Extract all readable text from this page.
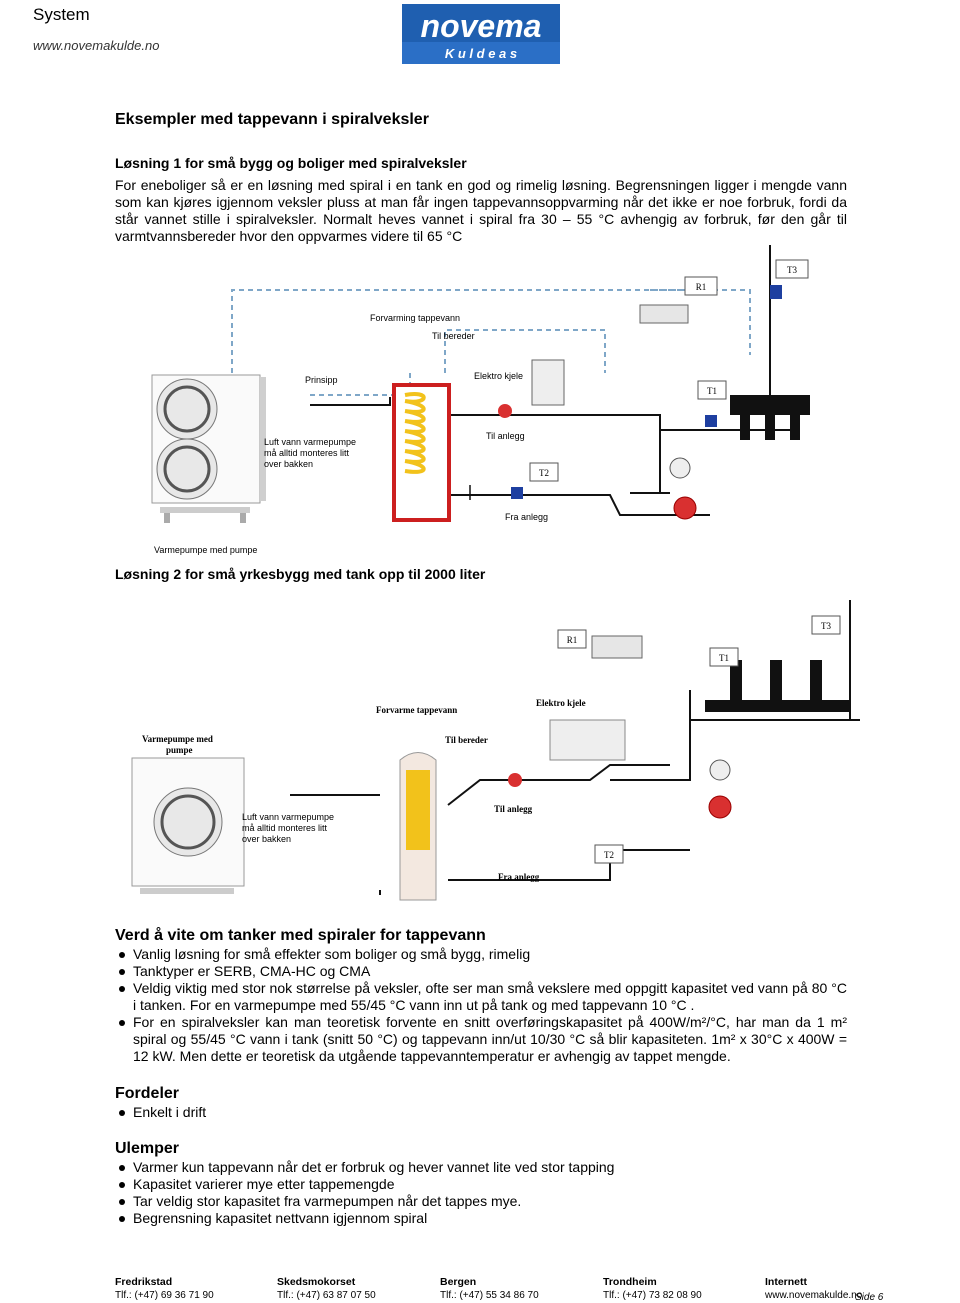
System
www.novemakulde.no
novema
K u l d e a s
Eksempler med tappevann i spiralveksler
Løsning 1 for små bygg og boliger med spiralveksler

For eneboliger så er en løsning med spiral i en tank en god og rimelig løsning. Begrensningen ligger i mengde vann som kan kjøres igjennom veksler pluss at man får ingen tappevannsoppvarming når det ikke er noe forbruk, fordi da står vannet stille i spiralveksler. Normalt heves vannet i spiral fra 30 – 55 °C avhengig av forbruk, før den går til varmtvannsbereder hvor den oppvarmes videre til 65 °C

R1
T3
T1
T2
Forvarming tappevann
Til bereder
Prinsipp	Elektro kjele
Til anlegg
Fra anlegg
Luft vann varmepumpe
må alltid monteres litt
over bakken
Varmepumpe med pumpe
Løsning 2 for små yrkesbygg med tank opp til 2000 liter
R1
T3
T1
T2
Forvarme tappevann
Til bereder
Elektro kjele
Til anlegg
Fra anlegg
Varmepumpe med
pumpe
Luft vann varmepumpe
må alltid monteres litt
over bakken
Verd å vite om tanker med spiraler for tappevann
Vanlig løsning for små effekter som boliger og små bygg, rimelig
Tanktyper er SERB, CMA-HC og CMA
Veldig viktig med stor nok størrelse på veksler, ofte ser man små vekslere med oppgitt kapasitet ved vann på 80 °C i tanken. For en varmepumpe med 55/45 °C vann inn ut på tank og med tappevann 10 °C .
For en spiralveksler kan man teoretisk forvente en snitt overføringskapasitet på 400W/m²/°C, har man da 1 m² spiral og 55/45 °C vann i tank (snitt 50 °C) og tappevann inn/ut 10/30 °C så blir kapasiteten. 1m² x 30°C x 400W = 12 kW. Men dette er teoretisk da utgående tappevanntemperatur er avhengig av tappet mengde.
Fordeler
Enkelt i drift
Ulemper
Varmer kun tappevann når det er forbruk og hever vannet lite ved stor tapping
Kapasitet varierer mye etter tappemengde
Tar veldig stor kapasitet fra varmepumpen når det tappes mye.
Begrensning kapasitet nettvann igjennom spiral
Fredrikstad
Tlf.: (+47) 69 36 71 90
Skedsmokorset
Tlf.: (+47) 63 87 07 50
Bergen
Tlf.: (+47) 55 34 86 70
Trondheim
Tlf.: (+47) 73 82 08 90
Internett
www.novemakulde.no
Side 6
